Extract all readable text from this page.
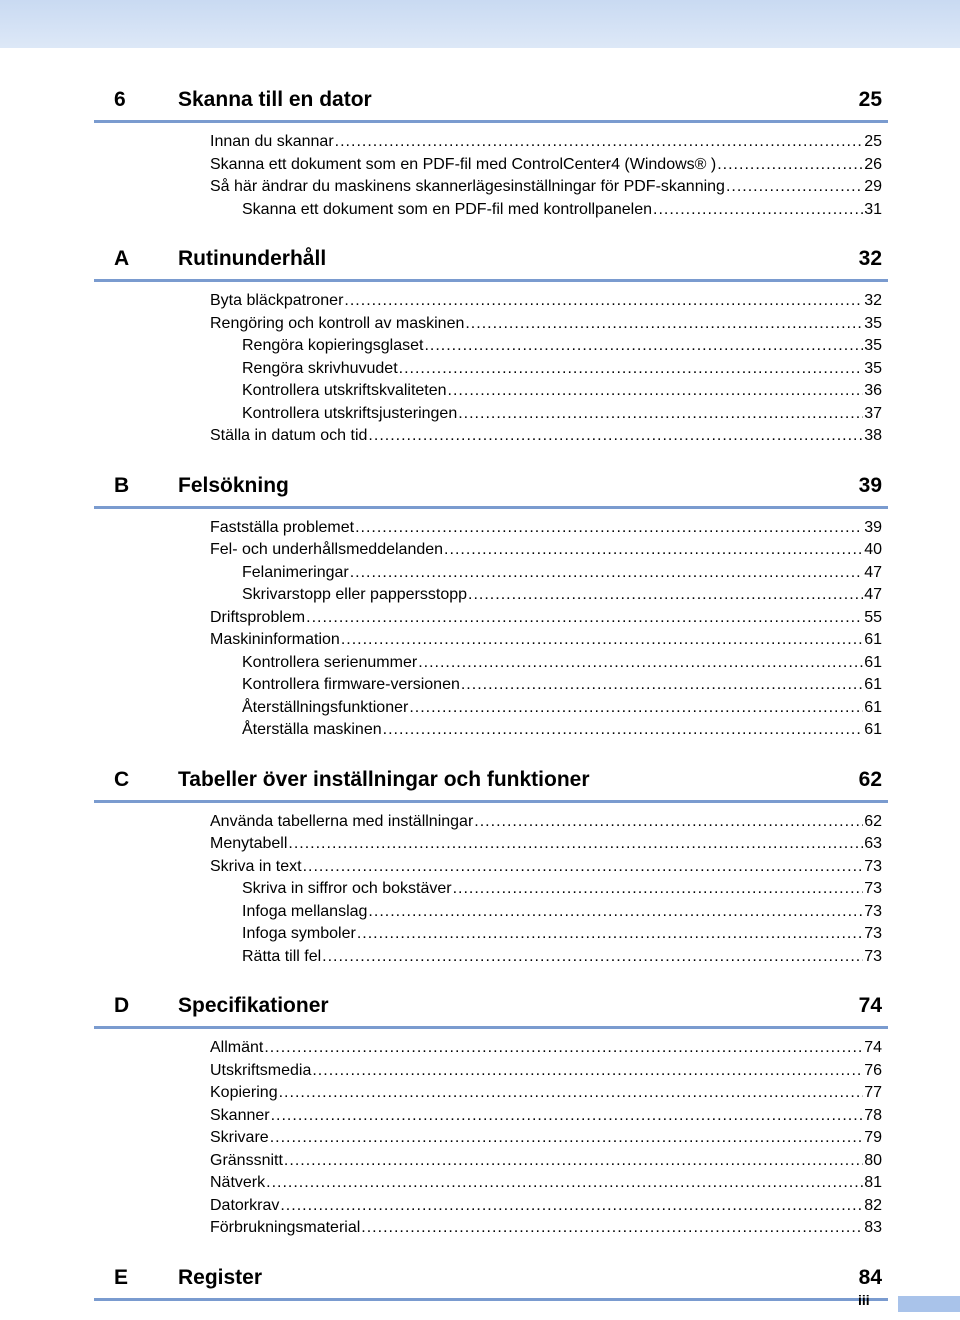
6	Skanna till en dator	25
Innan du skannar .....	25
Skanna ett dokument som en PDF-fil med ControlCenter4 (Windows® ) .....	26
Så här ändrar du maskinens skannerlägesinställningar för PDF-skanning .....	29
Skanna ett dokument som en PDF-fil med kontrollpanelen .....	31
A	Rutinunderhåll	32
Byta bläckpatroner .....	32
Rengöring och kontroll av maskinen .....	35
Rengöra kopieringsglaset .....	35
Rengöra skrivhuvudet .....	35
Kontrollera utskriftskvaliteten .....	36
Kontrollera utskriftsjusteringen .....	37
Ställa in datum och tid .....	38
B	Felsökning	39
Fastställa problemet .....	39
Fel- och underhållsmeddelanden .....	40
Felanimeringar .....	47
Skrivarstopp eller pappersstopp .....	47
Driftsproblem .....	55
Maskininformation .....	61
Kontrollera serienummer .....	61
Kontrollera firmware-versionen .....	61
Återställningsfunktioner .....	61
Återställa maskinen .....	61
C	Tabeller över inställningar och funktioner	62
Använda tabellerna med inställningar .....	62
Menytabell .....	63
Skriva in text .....	73
Skriva in siffror och bokstäver .....	73
Infoga mellanslag .....	73
Infoga symboler .....	73
Rätta till fel .....	73
D	Specifikationer	74
Allmänt .....	74
Utskriftsmedia .....	76
Kopiering .....	77
Skanner .....	78
Skrivare .....	79
Gränssnitt .....	80
Nätverk .....	81
Datorkrav .....	82
Förbrukningsmaterial .....	83
E	Register	84
iii
